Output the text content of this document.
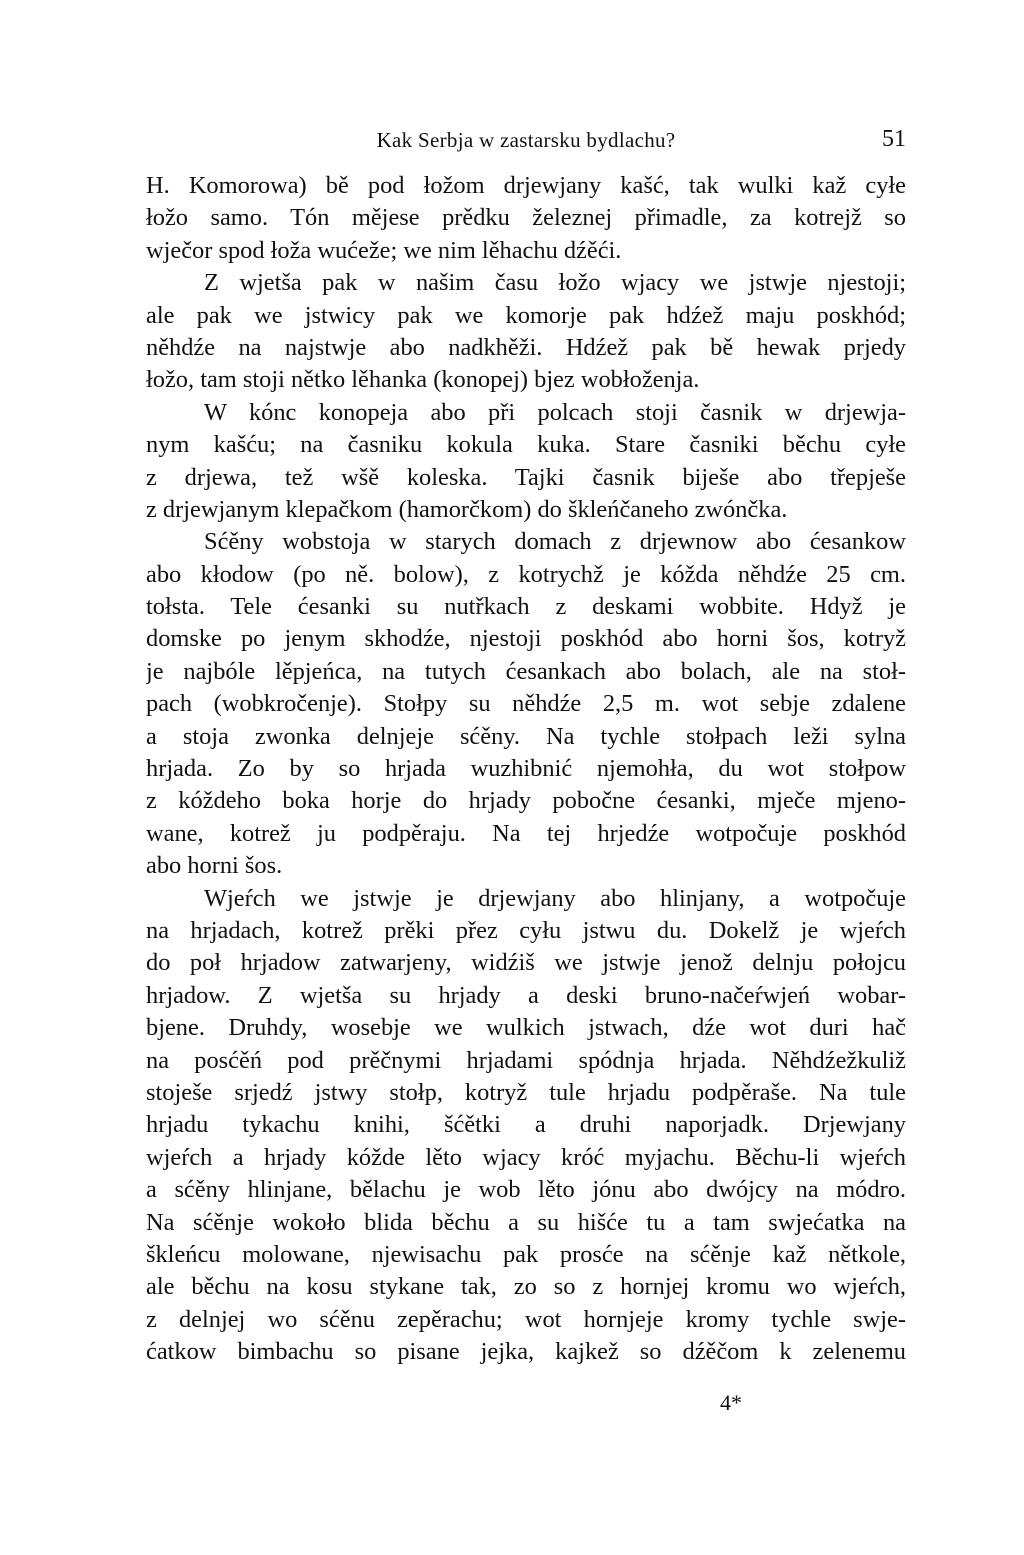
Kak Serbja w zastarsku bydlachu?	51
H. Komorowa) bě pod łožom drjewjany kašć, tak wulki kaž cyłe
łožo samo. Tón mějese prědku železnej přimadle, za kotrejž so
wječor spod łoža wućeže; we nim lěhachu dźěći.
Z wjetša pak w našim času łožo wjacy we jstwje njestoji;
ale pak we jstwicy pak we komorje pak hdźež maju poskhód;
něhdźe na najstwje abo nadkhěži. Hdźež pak bě hewak prjedy
łožo, tam stoji nětko lěhanka (konopej) bjez wobłoženja.
W kónc konopeja abo při polcach stoji časnik w drjewja-
nym kašću; na časniku kokula kuka. Stare časniki běchu cyłe
z drjewa, tež wšě koleska. Tajki časnik biješe abo třepješe
z drjewjanym klepačkom (hamorčkom) do škleńčaneho zwónčka.
Sćěny wobstoja w starych domach z drjewnow abo ćesankow
abo kłodow (po ně. bolow), z kotrychž je kóžda něhdźe 25 cm.
tołsta. Tele ćesanki su nutřkach z deskami wobbite. Hdyž je
domske po jenym skhodźe, njestoji poskhód abo horni šos, kotryž
je najbóle lěpjeńca, na tutych ćesankach abo bolach, ale na stoł-
pach (wobkročenje). Stołpy su něhdźe 2,5 m. wot sebje zdalene
a stoja zwonka delnjeje sćěny. Na tychle stołpach leži sylna
hrjada. Zo by so hrjada wuzhibnić njemohła, du wot stołpow
z kóždeho boka horje do hrjady pobočne ćesanki, mječe mjeno-
wane, kotrež ju podpěraju. Na tej hrjedźe wotpočuje poskhód
abo horni šos.
Wjeŕch we jstwje je drjewjany abo hlinjany, a wotpočuje
na hrjadach, kotrež prěki přez cyłu jstwu du. Dokelž je wjeŕch
do poł hrjadow zatwarjeny, widźiš we jstwje jenož delnju połojcu
hrjadow. Z wjetša su hrjady a deski bruno-načeŕwjeń wobar-
bjene. Druhdy, wosebje we wulkich jstwach, dźe wot duri hač
na posćěń pod prěčnymi hrjadami spódnja hrjada. Něhdźežkuliž
stoješe srjedź jstwy stołp, kotryž tule hrjadu podpěraše. Na tule
hrjadu tykachu knihi, šćětki a druhi naporjadk. Drjewjany
wjeŕch a hrjady kóžde lěto wjacy króć myjachu. Běchu-li wjeŕch
a sćěny hlinjane, bělachu je wob lěto jónu abo dwójcy na módro.
Na sćěnje wokoło blida běchu a su hišće tu a tam swjećatka na
škleńcu molowane, njewisachu pak prosće na sćěnje kaž nětkole,
ale běchu na kosu stykane tak, zo so z hornjej kromu wo wjeŕch,
z delnjej wo sćěnu zepěrachu; wot hornjeje kromy tychle swje-
ćatkow bimbachu so pisane jejka, kajkež so dźěčom k zelenemu
4*
